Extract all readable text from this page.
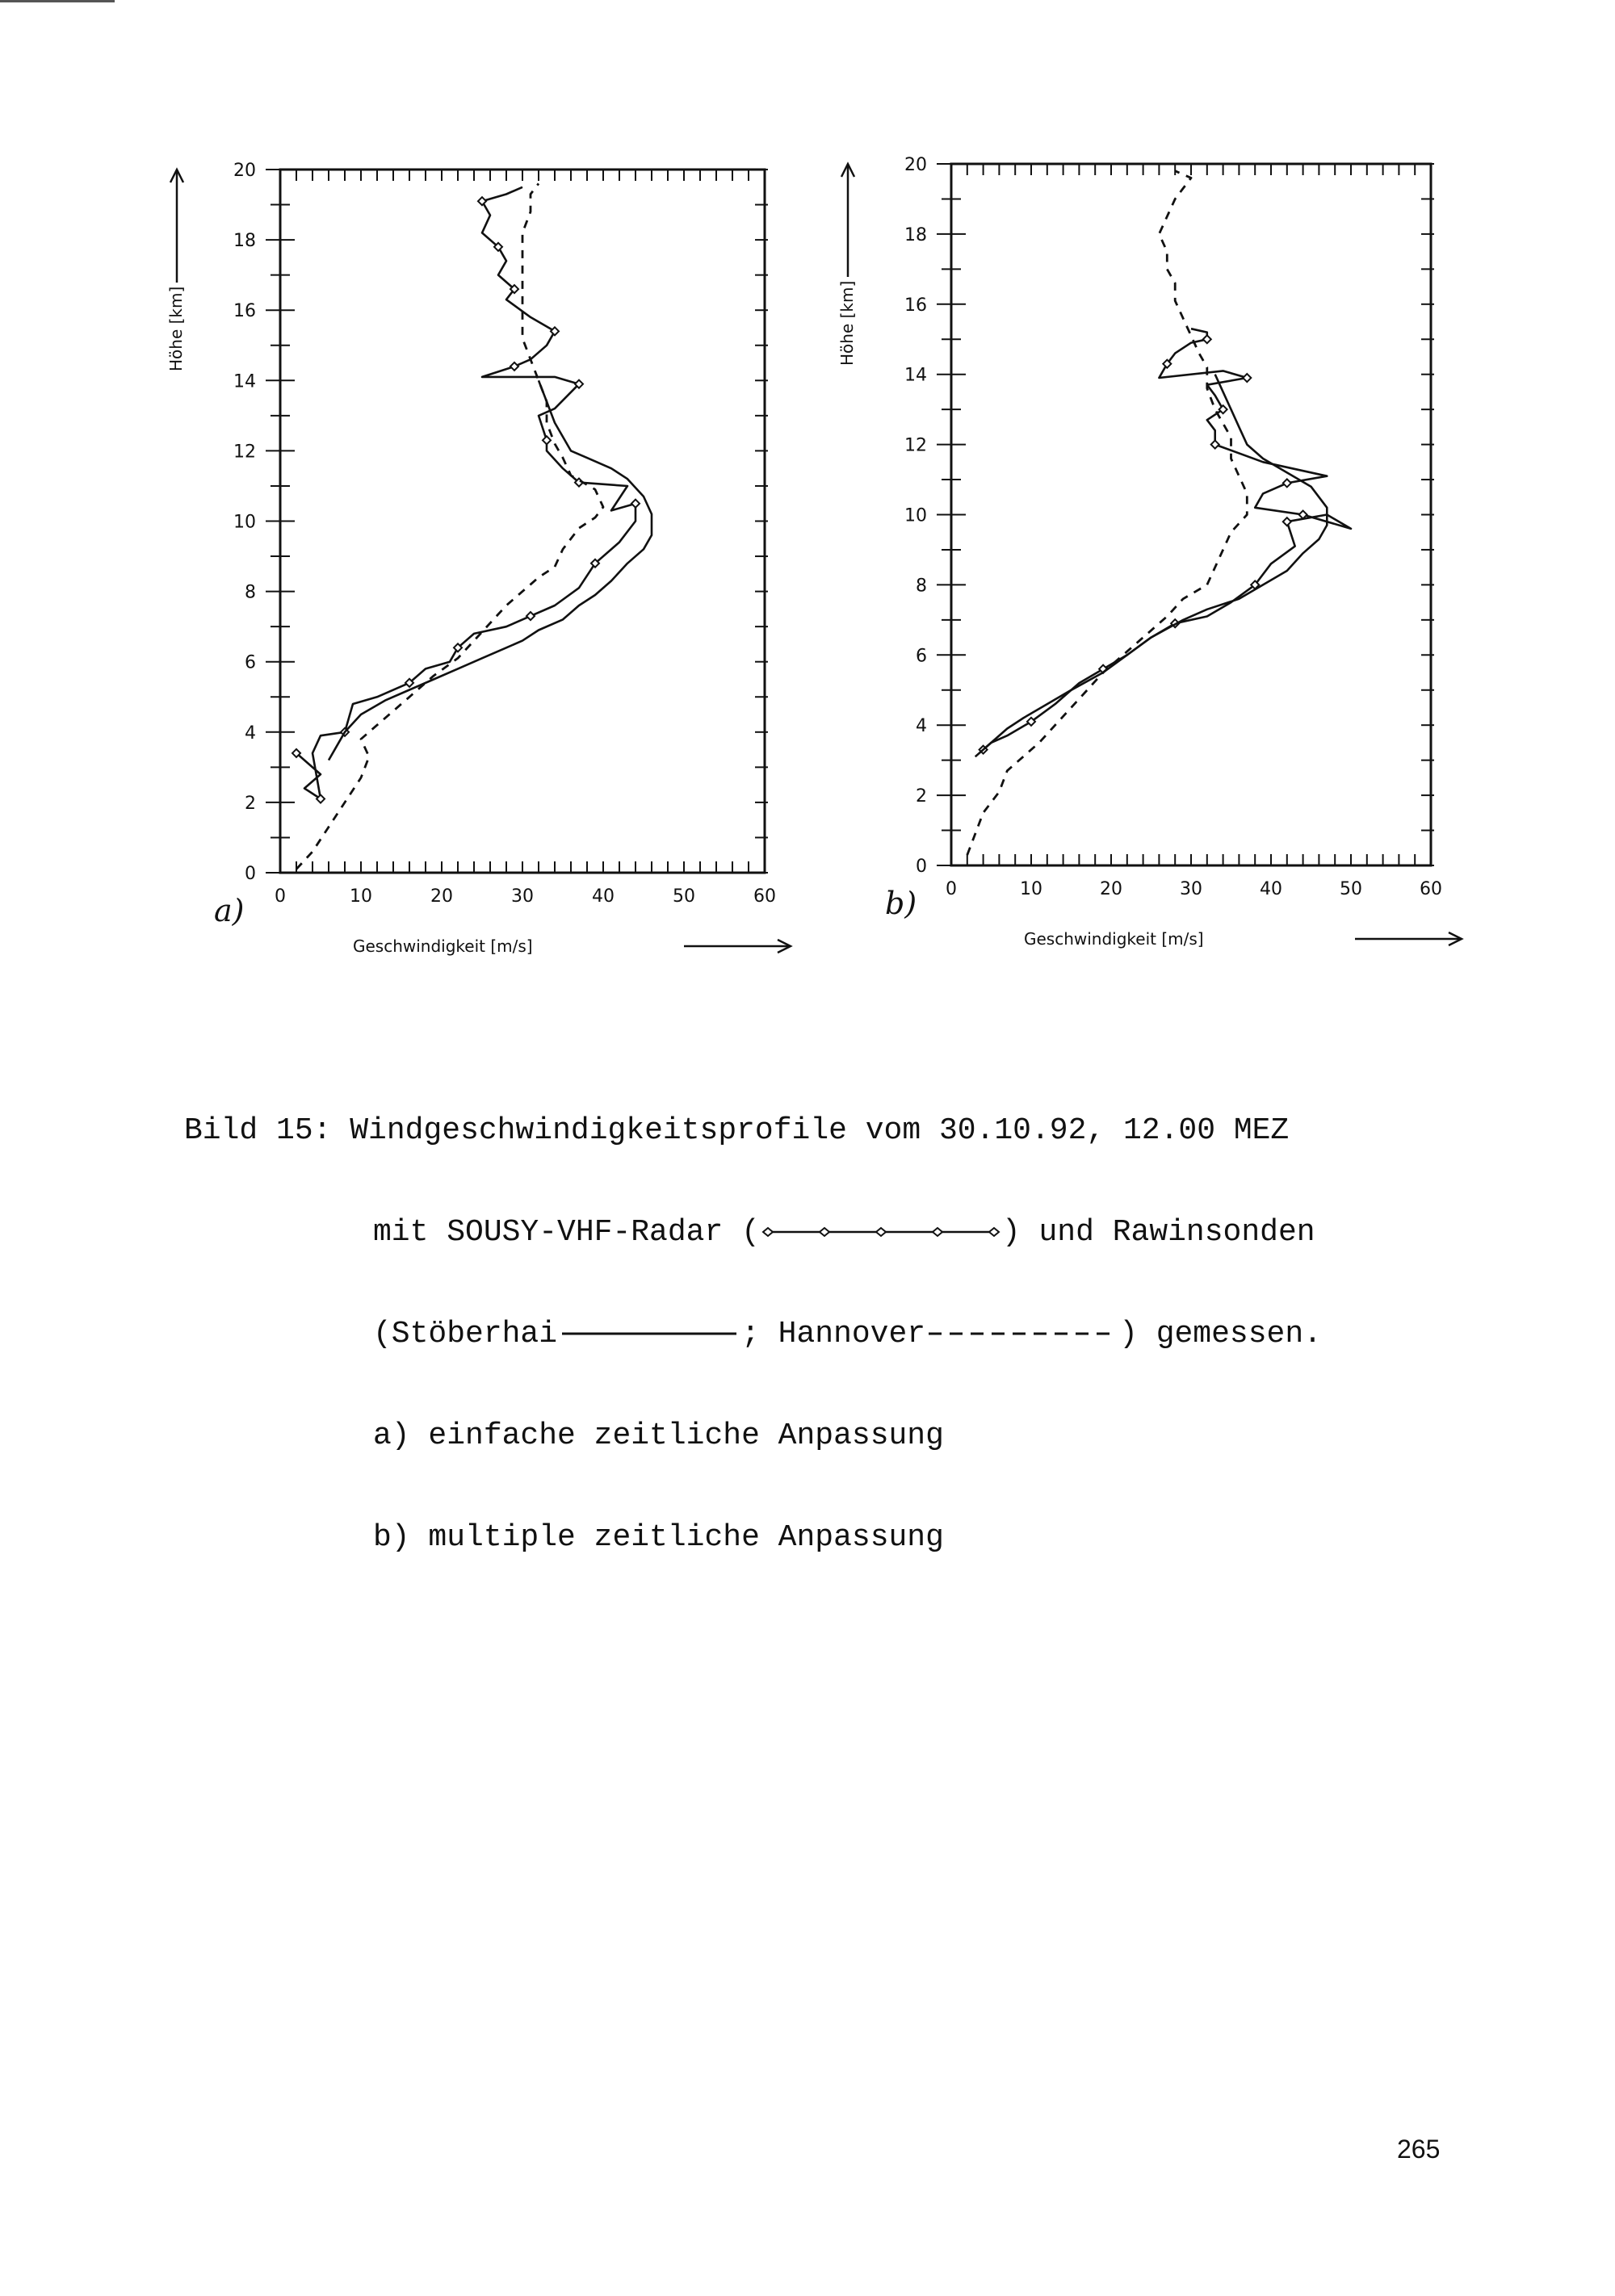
0	10	20	30	40	50	60
0
2
4
6
8
10
12
14
16
18
20
Geschwindigkeit [m/s]
Höhe [km]
a)
0	10	20	30	40	50	60
0
2
4
6
8
10
12
14
16
18
20
Geschwindigkeit [m/s]
Höhe [km]
b)

Bild 15: Windgeschwindigkeitsprofile vom 30.10.92, 12.00 MEZ

mit SOUSY-VHF-Radar (	) und Rawinsonden

(Stöberhai	; Hannover	) gemessen.

a) einfache zeitliche Anpassung

b) multiple zeitliche Anpassung

265
